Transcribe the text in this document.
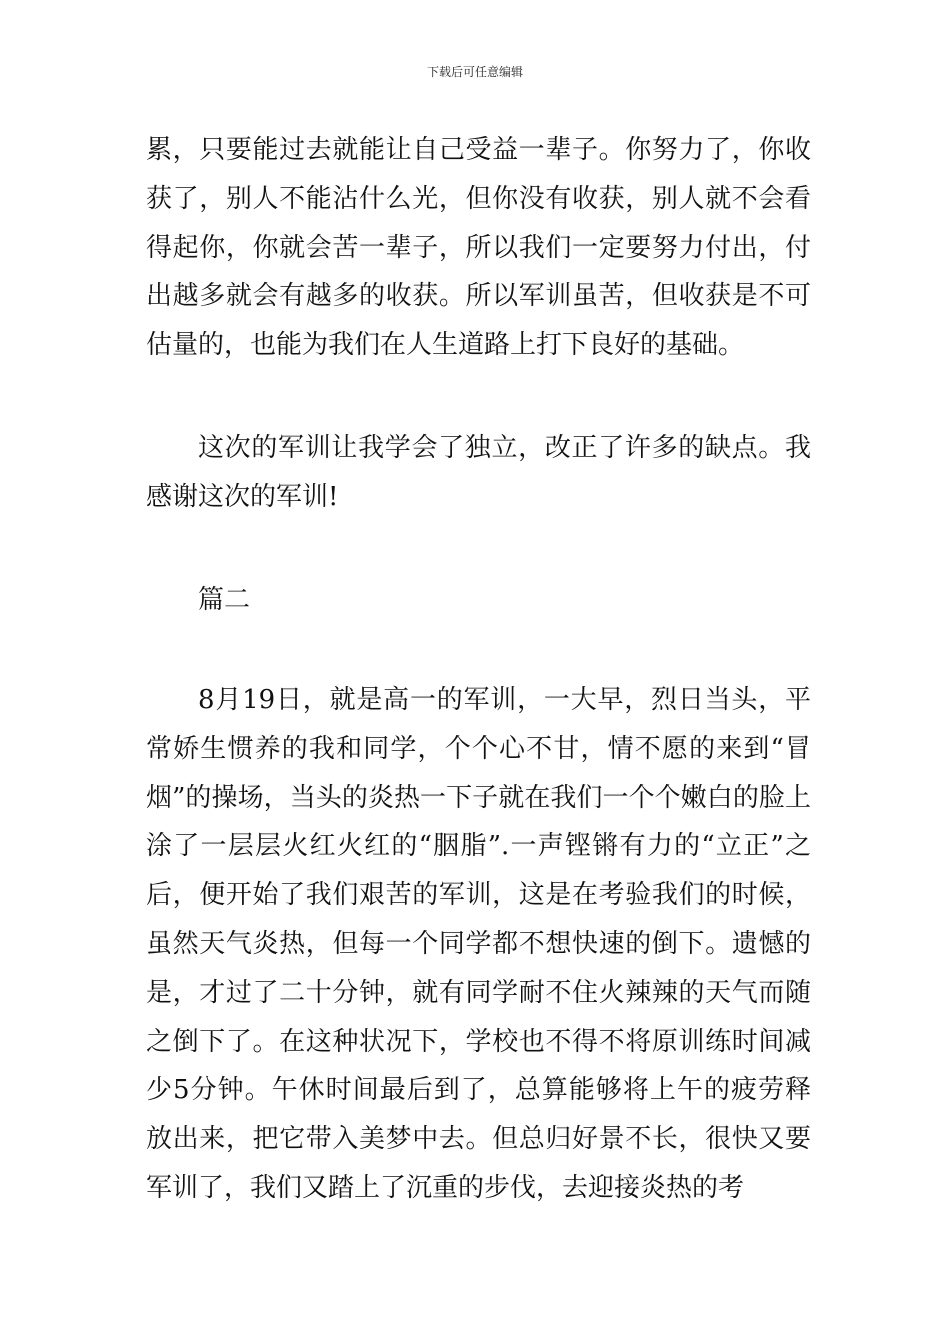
下载后可任意编辑

累，只要能过去就能让自己受益一辈子。你努力了，你收获了，别人不能沾什么光，但你没有收获，别人就不会看得起你，你就会苦一辈子，所以我们一定要努力付出，付出越多就会有越多的收获。所以军训虽苦，但收获是不可估量的，也能为我们在人生道路上打下良好的基础。

这次的军训让我学会了独立，改正了许多的缺点。我感谢这次的军训!

篇二

8月19日，就是高一的军训，一大早，烈日当头，平常娇生惯养的我和同学，个个心不甘，情不愿的来到“冒烟”的操场，当头的炎热一下子就在我们一个个嫩白的脸上涂了一层层火红火红的“胭脂”.一声铿锵有力的“立正”之后，便开始了我们艰苦的军训，这是在考验我们的时候，虽然天气炎热，但每一个同学都不想快速的倒下。遗憾的是，才过了二十分钟，就有同学耐不住火辣辣的天气而随之倒下了。在这种状况下，学校也不得不将原训练时间减少5分钟。午休时间最后到了，总算能够将上午的疲劳释放出来，把它带入美梦中去。但总归好景不长，很快又要军训了，我们又踏上了沉重的步伐，去迎接炎热的考
